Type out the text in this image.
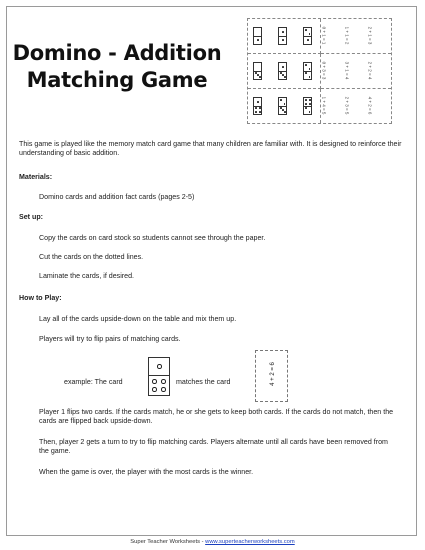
Domino - Addition
Matching Game
0 + 1 = 1	1 + 1 = 2	2 + 1 = 3
0 + 3 = 3	3 + 1 = 4	2 + 2 = 4
1 + 4 = 5	2 + 3 = 5	4 + 2 = 6
This game is played like the memory match card game that many children are familiar with. It is designed to reinforce their understanding of basic addition.
Materials:
Domino cards and addition fact cards (pages 2-5)
Set up:
Copy the cards on card stock so students cannot see through the paper.
Cut the cards on the dotted lines.
Laminate the cards, if desired.
How to Play:
Lay all of the cards upside-down on the table and mix them up.
Players will try to flip pairs of matching cards.
example: The card	matches the card	4 + 2 = 6
Player 1 flips two cards. If the cards match, he or she gets to keep both cards. If the cards do not match, then the cards are flipped back upside-down.
Then, player 2 gets a turn to try to flip matching cards. Players alternate until all cards have been removed from the game.
When the game is over, the player with the most cards is the winner.
Super Teacher Worksheets - www.superteacherworksheets.com
